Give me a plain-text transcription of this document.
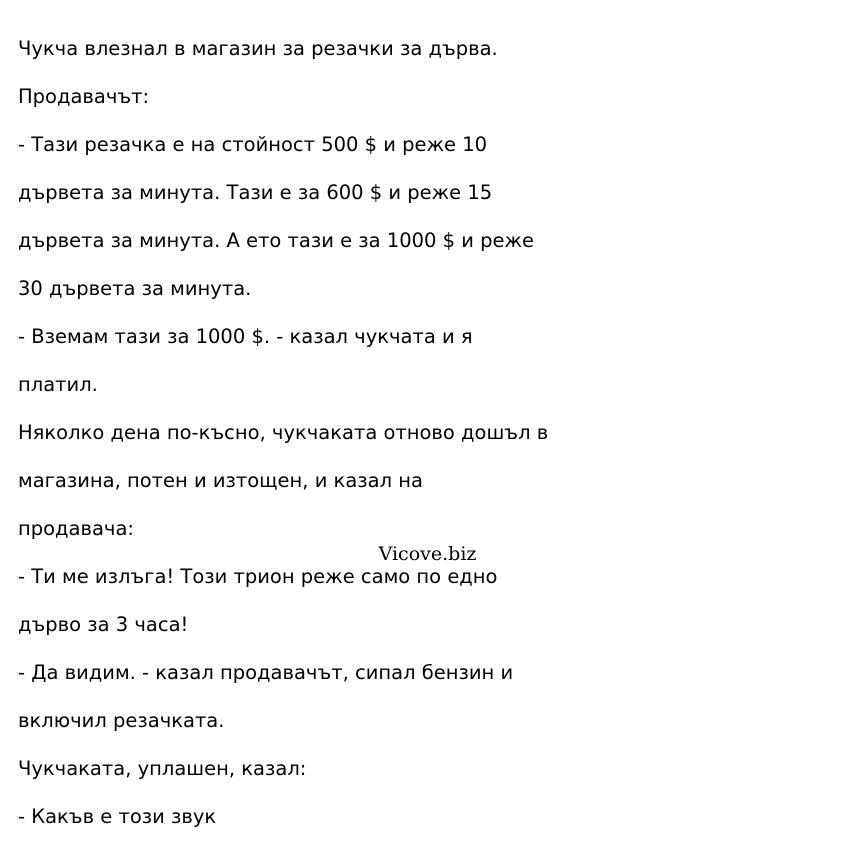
Чукча влезнал в магазин за резачки за дърва.

Продавачът:

- Тази резачка е на стойност 500 $ и реже 10

дървета за минута. Тази е за 600 $ и реже 15

дървета за минута. А ето тази е за 1000 $ и реже

30 дървета за минута.

- Вземам тази за 1000 $. - казал чукчата и я

платил.

Няколко дена по-късно, чукчаката отново дошъл в

магазина, потен и изтощен, и казал на

продавача:

- Ти ме излъга! Този трион реже само по едно

дърво за 3 часа!

- Да видим. - казал продавачът, сипал бензин и

включил резачката.

Чукчаката, уплашен, казал:

- Какъв е този звук

Vicove.biz
